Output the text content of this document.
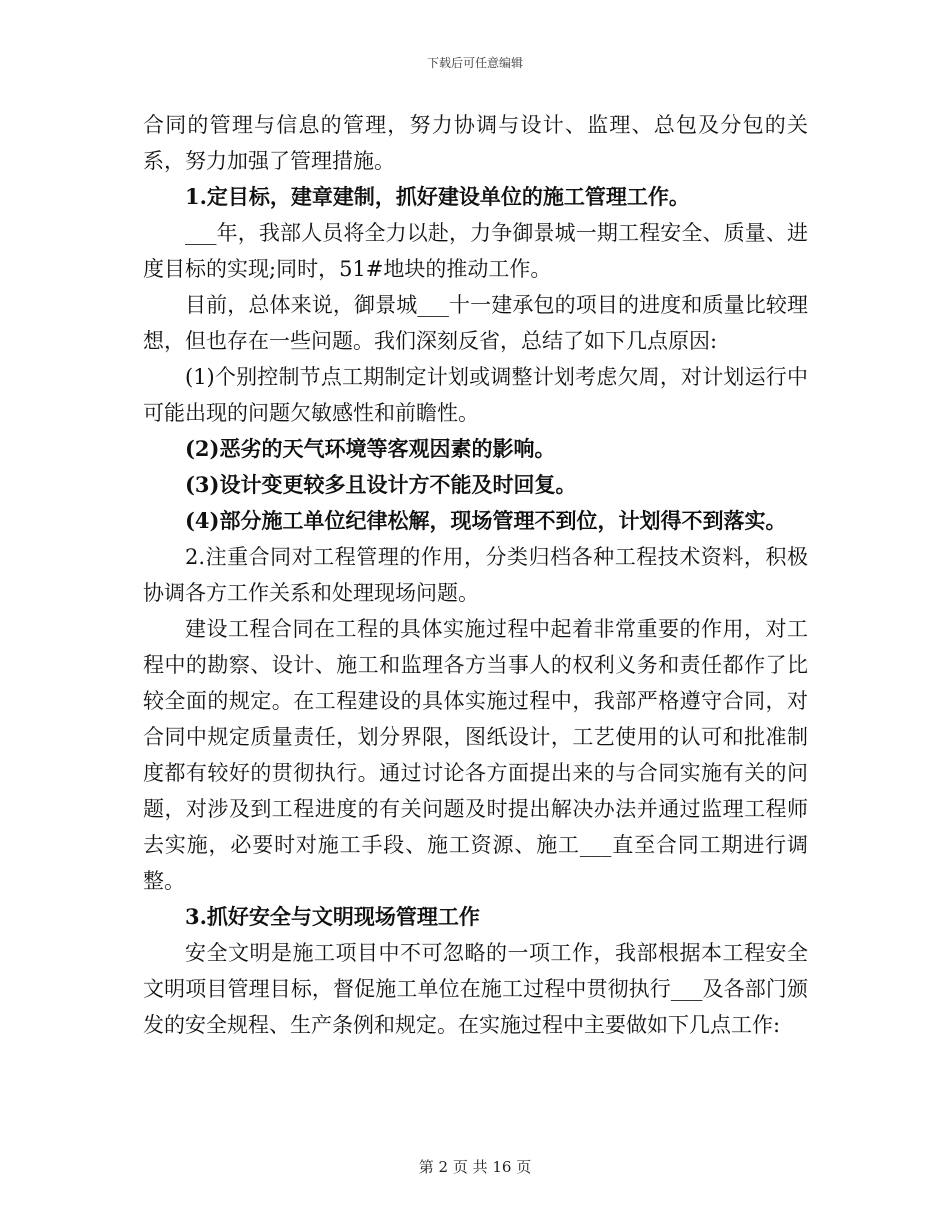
下载后可任意编辑

合同的管理与信息的管理，努力协调与设计、监理、总包及分包的关系，努力加强了管理措施。

1.定目标，建章建制，抓好建设单位的施工管理工作。

___年，我部人员将全力以赴，力争御景城一期工程安全、质量、进度目标的实现;同时，51#地块的推动工作。

目前，总体来说，御景城___十一建承包的项目的进度和质量比较理想，但也存在一些问题。我们深刻反省，总结了如下几点原因:

(1)个别控制节点工期制定计划或调整计划考虑欠周，对计划运行中可能出现的问题欠敏感性和前瞻性。

(2)恶劣的天气环境等客观因素的影响。

(3)设计变更较多且设计方不能及时回复。

(4)部分施工单位纪律松解，现场管理不到位，计划得不到落实。

2.注重合同对工程管理的作用，分类归档各种工程技术资料，积极协调各方工作关系和处理现场问题。

建设工程合同在工程的具体实施过程中起着非常重要的作用，对工程中的勘察、设计、施工和监理各方当事人的权利义务和责任都作了比较全面的规定。在工程建设的具体实施过程中，我部严格遵守合同，对合同中规定质量责任，划分界限，图纸设计，工艺使用的认可和批准制度都有较好的贯彻执行。通过讨论各方面提出来的与合同实施有关的问题，对涉及到工程进度的有关问题及时提出解决办法并通过监理工程师去实施，必要时对施工手段、施工资源、施工___直至合同工期进行调整。

3.抓好安全与文明现场管理工作

安全文明是施工项目中不可忽略的一项工作，我部根据本工程安全文明项目管理目标，督促施工单位在施工过程中贯彻执行___及各部门颁发的安全规程、生产条例和规定。在实施过程中主要做如下几点工作:

第 2 页 共 16 页
